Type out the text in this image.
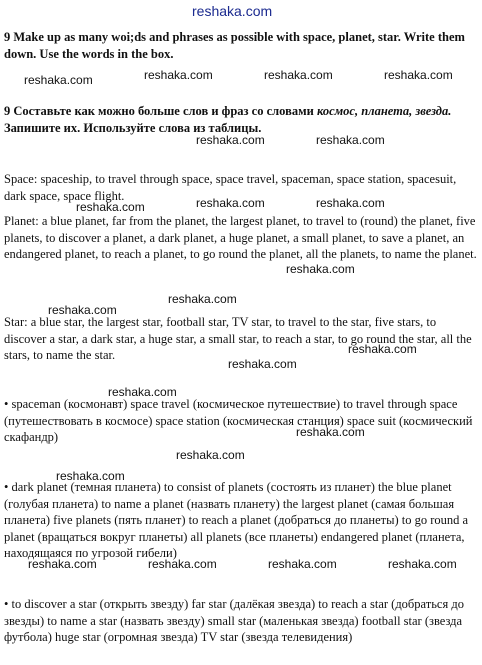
reshaka.com
reshaka.com	reshaka.com	reshaka.com	reshaka.com
reshaka.com	reshaka.com
reshaka.com	reshaka.com	reshaka.com
reshaka.com
reshaka.com
reshaka.com
reshaka.com
reshaka.com
reshaka.com
reshaka.com
reshaka.com
reshaka.com
reshaka.com	reshaka.com	reshaka.com	reshaka.com
9 Make up as many woi;ds and phrases as possible with space, planet, star. Write them down. Use the words in the box.
9 Составьте как можно больше слов и фраз со словами космос, планета, звезда. Запишите их. Используйте слова из таблицы.
Space: spaceship, to travel through space, space travel, spaceman, space station, spacesuit, dark space, space flight.
Planet: a blue planet, far from the planet, the largest planet, to travel to (round) the planet, five planets, to discover a planet, a dark planet, a huge planet, a small planet, to save a planet, an endangered planet, to reach a planet, to go round the planet, all the planets, to name the planet.
Star: a blue star, the largest star, football star, TV star, to travel to the star, five stars, to discover a star, a dark star, a huge star, a small star, to reach a star, to go round the star, all the stars, to name the star.
• spaceman (космонавт) space travel (космическое путешествие) to travel through space (путешествовать в космосе) space station (космическая станция) space suit (космический скафандр)
• dark planet (темная планета) to consist of planets (состоять из планет) the blue planet (голубая планета) to name a planet (назвать планету) the largest planet (самая большая планета) five planets (пять планет) to reach a planet (добраться до планеты) to go round a planet (вращаться вокруг планеты) all planets (все планеты) endangered planet (планета, находящаяся по угрозой гибели)
• to discover a star (открыть звезду) far star (далёкая звезда) to reach a star (добраться до звезды) to name a star (назвать звезду) small star (маленькая звезда) football star (звезда футбола) huge star (огромная звезда) TV star (звезда телевидения)
